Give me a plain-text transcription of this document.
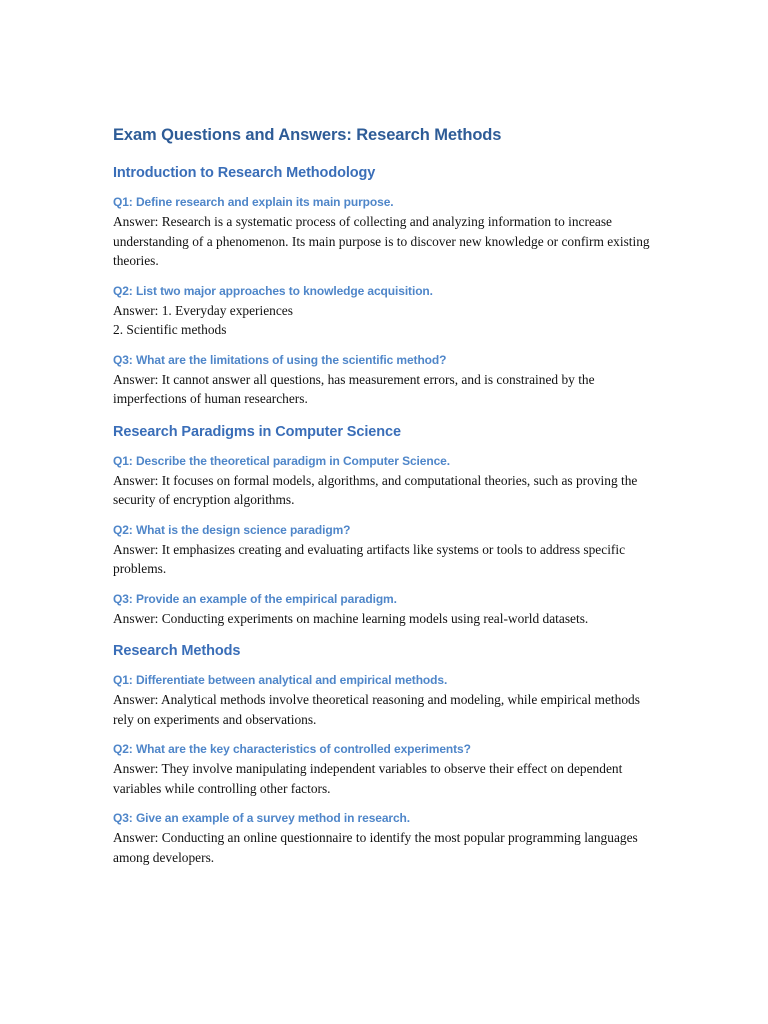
Exam Questions and Answers: Research Methods
Introduction to Research Methodology

Q1: Define research and explain its main purpose.

Answer: Research is a systematic process of collecting and analyzing information to increase understanding of a phenomenon. Its main purpose is to discover new knowledge or confirm existing theories.

Q2: List two major approaches to knowledge acquisition.

Answer: 1. Everyday experiences
2. Scientific methods

Q3: What are the limitations of using the scientific method?

Answer: It cannot answer all questions, has measurement errors, and is constrained by the imperfections of human researchers.

Research Paradigms in Computer Science

Q1: Describe the theoretical paradigm in Computer Science.

Answer: It focuses on formal models, algorithms, and computational theories, such as proving the security of encryption algorithms.

Q2: What is the design science paradigm?

Answer: It emphasizes creating and evaluating artifacts like systems or tools to address specific problems.

Q3: Provide an example of the empirical paradigm.

Answer: Conducting experiments on machine learning models using real-world datasets.

Research Methods

Q1: Differentiate between analytical and empirical methods.

Answer: Analytical methods involve theoretical reasoning and modeling, while empirical methods rely on experiments and observations.

Q2: What are the key characteristics of controlled experiments?

Answer: They involve manipulating independent variables to observe their effect on dependent variables while controlling other factors.

Q3: Give an example of a survey method in research.

Answer: Conducting an online questionnaire to identify the most popular programming languages among developers.
